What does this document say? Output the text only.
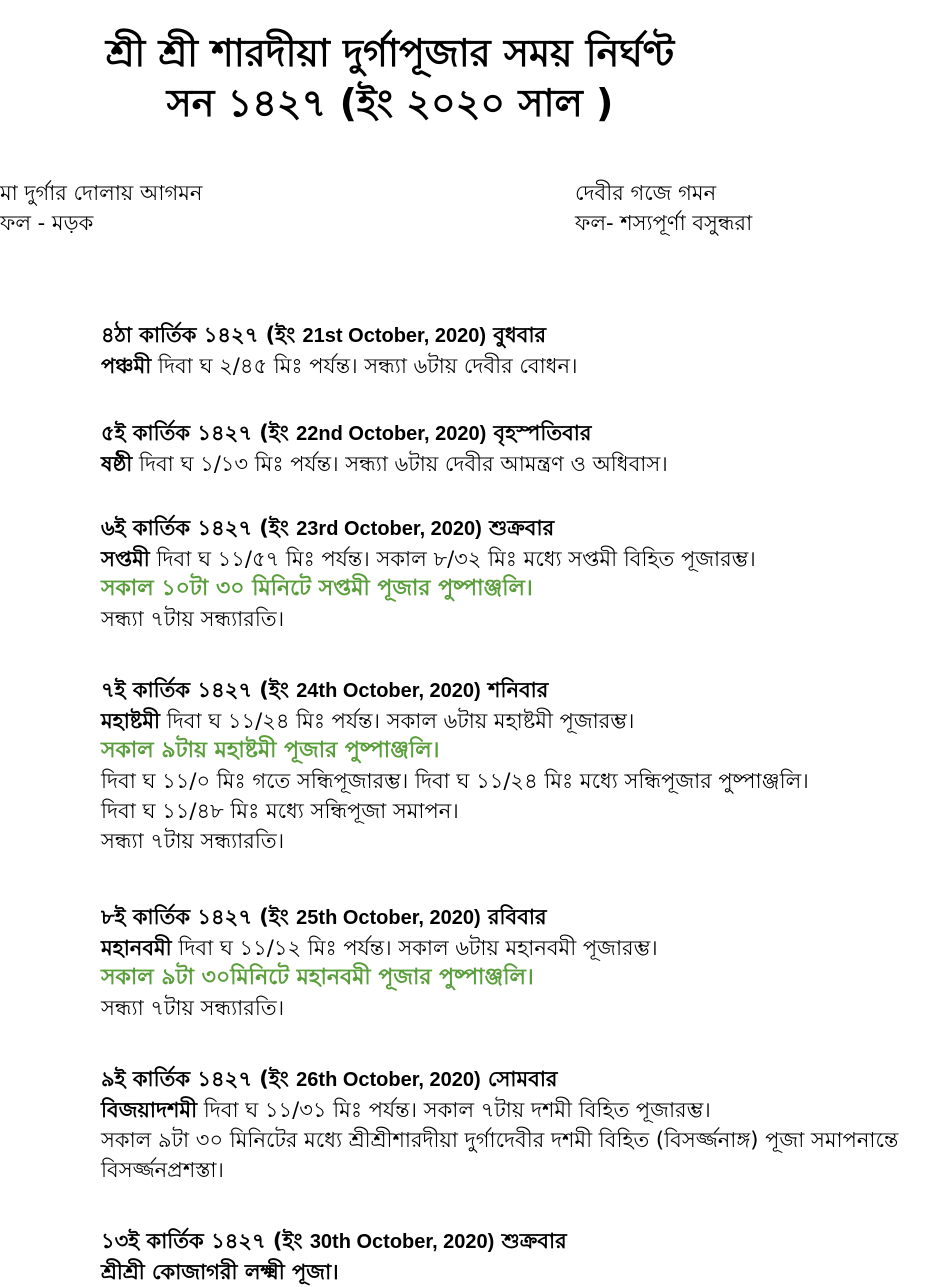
শ্রী শ্রী শারদীয়া দুর্গাপূজার সময় নির্ঘণ্ট
সন ১৪২৭ (ইং ২০২০ সাল )
মা দুর্গার দোলায় আগমন
ফল - মড়ক
দেবীর গজে গমন
ফল- শস্যপূর্ণা বসুন্ধরা
৪ঠা কার্তিক ১৪২৭ (ইং 21st October, 2020) বুধবার
পঞ্চমী দিবা ঘ ২/৪৫ মিঃ পর্যন্ত। সন্ধ্যা ৬টায় দেবীর বোধন।
৫ই কার্তিক ১৪২৭ (ইং 22nd October, 2020) বৃহস্পতিবার
ষষ্ঠী দিবা ঘ ১/১৩ মিঃ পর্যন্ত। সন্ধ্যা ৬টায় দেবীর আমন্ত্রণ ও অধিবাস।
৬ই কার্তিক ১৪২৭ (ইং 23rd October, 2020) শুক্রবার
সপ্তমী দিবা ঘ ১১/৫৭ মিঃ পর্যন্ত। সকাল ৮/৩২ মিঃ মধ্যে সপ্তমী বিহিত পূজারম্ভ।
সকাল ১০টা ৩০ মিনিটে সপ্তমী পূজার পুষ্পাঞ্জলি।
সন্ধ্যা ৭টায় সন্ধ্যারতি।
৭ই কার্তিক ১৪২৭ (ইং 24th October, 2020) শনিবার
মহাষ্টমী দিবা ঘ ১১/২৪ মিঃ পর্যন্ত। সকাল ৬টায় মহাষ্টমী পূজারম্ভ।
সকাল ৯টায় মহাষ্টমী পূজার পুষ্পাঞ্জলি।
দিবা ঘ ১১/০ মিঃ গতে সন্ধিপূজারম্ভ। দিবা ঘ ১১/২৪ মিঃ মধ্যে সন্ধিপূজার পুষ্পাঞ্জলি।
দিবা ঘ ১১/৪৮ মিঃ মধ্যে সন্ধিপূজা সমাপন।
সন্ধ্যা ৭টায় সন্ধ্যারতি।
৮ই কার্তিক ১৪২৭ (ইং 25th October, 2020) রবিবার
মহানবমী দিবা ঘ ১১/১২ মিঃ পর্যন্ত। সকাল ৬টায় মহানবমী পূজারম্ভ।
সকাল ৯টা ৩০মিনিটে মহানবমী পূজার পুষ্পাঞ্জলি।
সন্ধ্যা ৭টায় সন্ধ্যারতি।
৯ই কার্তিক ১৪২৭ (ইং 26th October, 2020) সোমবার
বিজয়াদশমী দিবা ঘ ১১/৩১ মিঃ পর্যন্ত। সকাল ৭টায় দশমী বিহিত পূজারম্ভ।
সকাল ৯টা ৩০ মিনিটের মধ্যে শ্রীশ্রীশারদীয়া দুর্গাদেবীর দশমী বিহিত (বিসর্জ্জনাঙ্গ) পূজা সমাপনান্তে বিসর্জ্জনপ্রশস্তা।
১৩ই কার্তিক ১৪২৭ (ইং 30th October, 2020) শুক্রবার
শ্রীশ্রী কোজাগরী লক্ষ্মী পূজা।
